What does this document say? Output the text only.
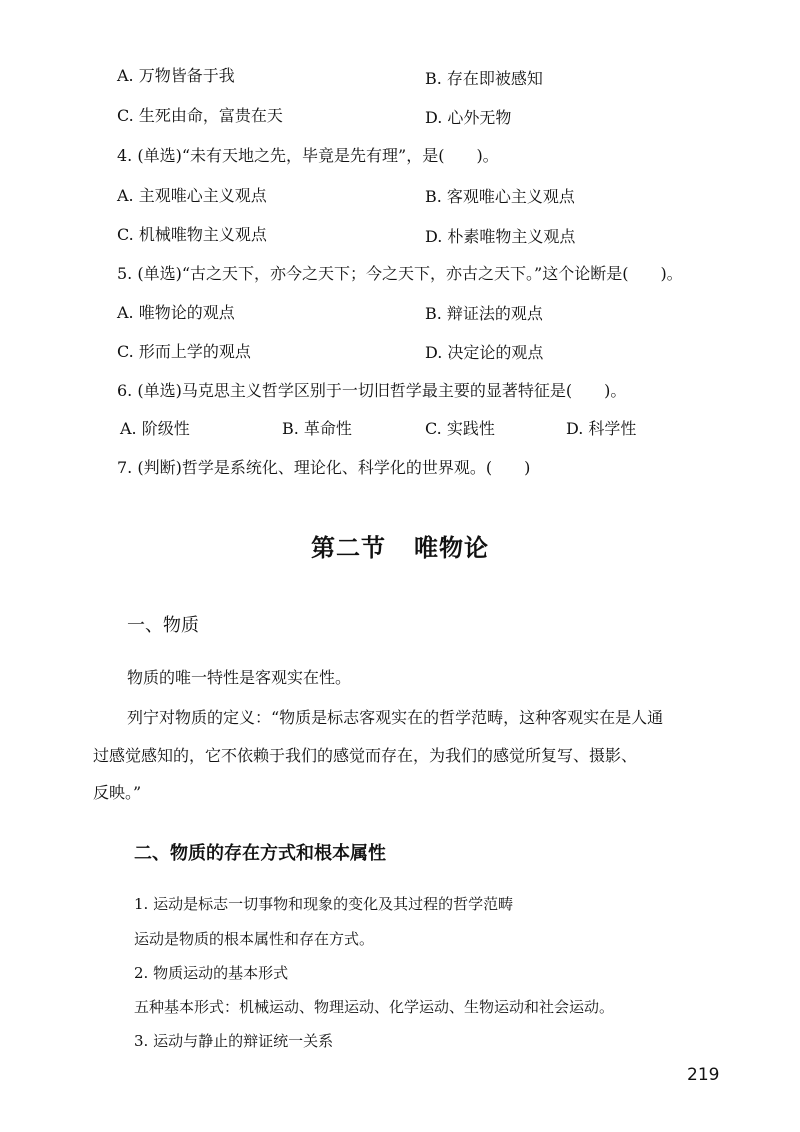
A. 万物皆备于我	B. 存在即被感知
C. 生死由命，富贵在天	D. 心外无物
4. (单选)“未有天地之先，毕竟是先有理”，是(　　)。
A. 主观唯心主义观点	B. 客观唯心主义观点
C. 机械唯物主义观点	D. 朴素唯物主义观点
5. (单选)“古之天下，亦今之天下；今之天下，亦古之天下。”这个论断是(　　)。
A. 唯物论的观点	B. 辩证法的观点
C. 形而上学的观点	D. 决定论的观点
6. (单选)马克思主义哲学区别于一切旧哲学最主要的显著特征是(　　)。
A. 阶级性	B. 革命性	C. 实践性	D. 科学性
7. (判断)哲学是系统化、理论化、科学化的世界观。(　　)
第二节 唯物论
一、物质
物质的唯一特性是客观实在性。
列宁对物质的定义：“物质是标志客观实在的哲学范畴，这种客观实在是人通
过感觉感知的，它不依赖于我们的感觉而存在，为我们的感觉所复写、摄影、
反映。”
二、物质的存在方式和根本属性
1. 运动是标志一切事物和现象的变化及其过程的哲学范畴
运动是物质的根本属性和存在方式。
2. 物质运动的基本形式
五种基本形式：机械运动、物理运动、化学运动、生物运动和社会运动。
3. 运动与静止的辩证统一关系
219
